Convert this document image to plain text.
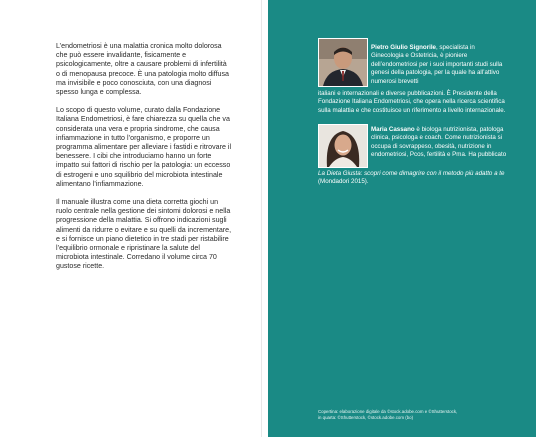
L’endometriosi è una malattia cronica molto dolorosa che può essere invalidante, fisicamente e psicologicamente, oltre a causare problemi di infertilità o di menopausa precoce. È una patologia molto diffusa ma invisibile e poco conosciuta, con una diagnosi spesso lunga e complessa.

Lo scopo di questo volume, curato dalla Fondazione Italiana Endometriosi, è fare chiarezza su quella che va considerata una vera e propria sindrome, che causa infiammazione in tutto l’organismo, e proporre un programma alimentare per alleviare i fastidi e ritrovare il benessere. I cibi che introduciamo hanno un forte impatto sui fattori di rischio per la patologia: un eccesso di estrogeni e uno squilibrio del microbiota intestinale alimentano l’infiammazione.

Il manuale illustra come una dieta corretta giochi un ruolo centrale nella gestione dei sintomi dolorosi e nella progressione della malattia. Si offrono indicazioni sugli alimenti da ridurre o evitare e su quelli da incrementare, e si fornisce un piano dietetico in tre stadi per ristabilire l’equilibrio ormonale e ripristinare la salute del microbiota intestinale. Corredano il volume circa 70 gustose ricette.

Pietro Giulio Signorile, specialista in Ginecologia e Ostetricia, è pioniere dell’endometriosi per i suoi importanti studi sulla genesi della patologia, per la quale ha all’attivo numerosi brevetti
italiani e internazionali e diverse pubblicazioni. È Presidente della Fondazione Italiana Endometriosi, che opera nella ricerca scientifica sulla malattia e che costituisce un riferimento a livello internazionale.
Maria Cassano è biologa nutrizionista, patologa clinica, psicologa e coach. Come nutrizionista si occupa di sovrappeso, obesità, nutrizione in endometriosi, Pcos, fertilità e Pma. Ha pubblicato
La Dieta Giusta: scopri come dimagrire con il metodo più adatto a te (Mondadori 2015).
Copertina: elaborazione digitale da ©stock.adobe.com e ©Shutterstock,
in quarta: ©Shutterstock, ©stock.adobe.com (bo)
